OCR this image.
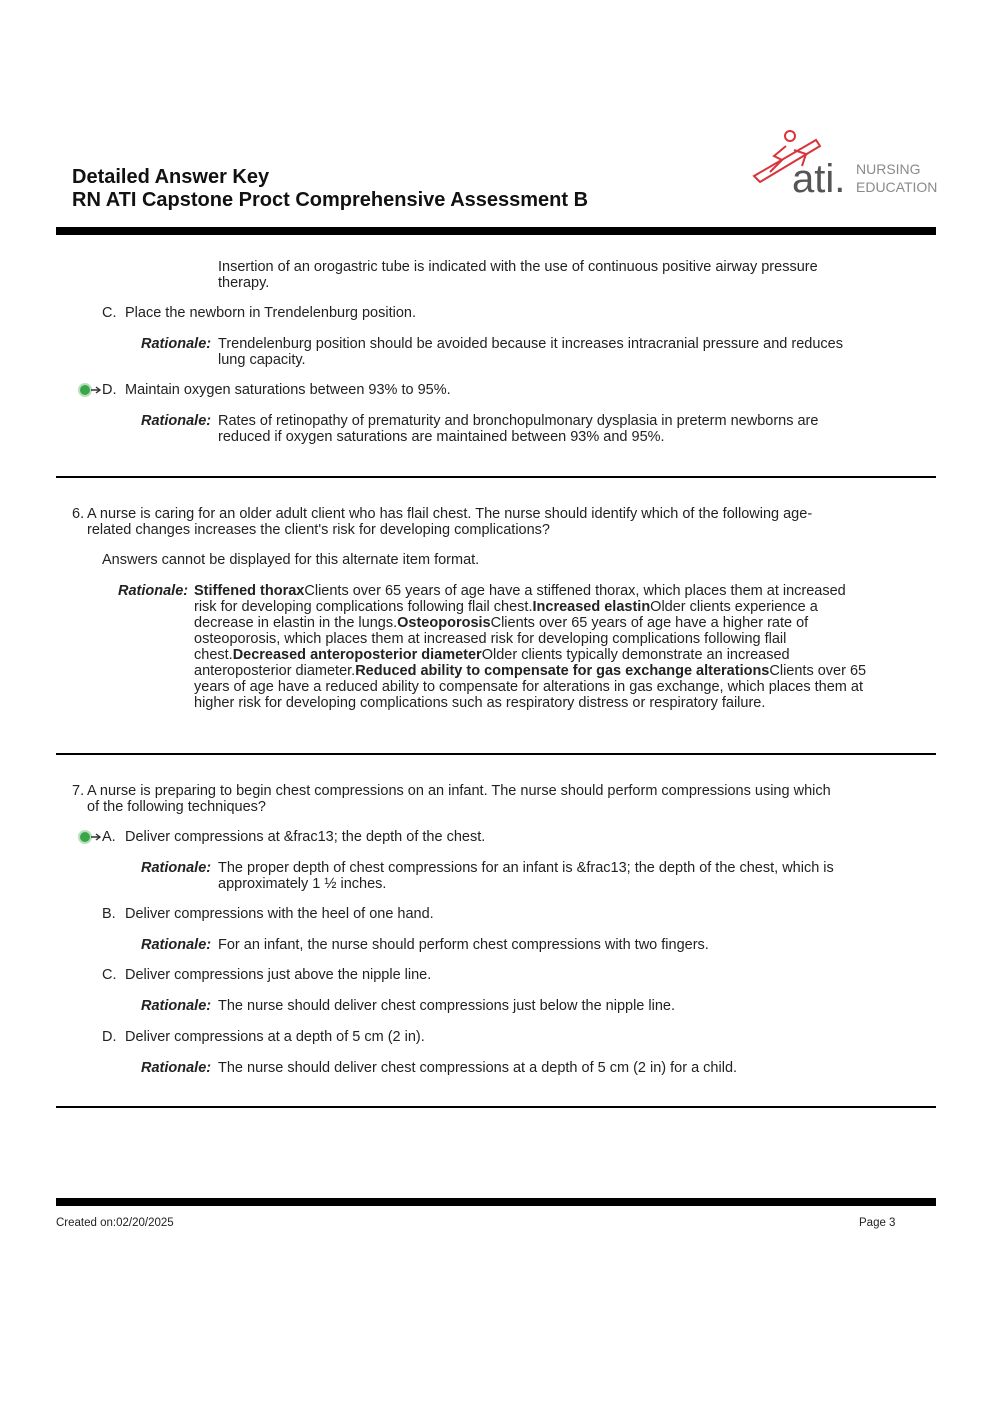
Detailed Answer Key
RN ATI Capstone Proct Comprehensive Assessment B	ati. NURSING
EDUCATION
Insertion of an orogastric tube is indicated with the use of continuous positive airway pressure therapy.
C. Place the newborn in Trendelenburg position.
Rationale: Trendelenburg position should be avoided because it increases intracranial pressure and reduces lung capacity.
D. Maintain oxygen saturations between 93% to 95%.
Rationale: Rates of retinopathy of prematurity and bronchopulmonary dysplasia in preterm newborns are reduced if oxygen saturations are maintained between 93% and 95%.
6. A nurse is caring for an older adult client who has flail chest. The nurse should identify which of the following age-related changes increases the client's risk for developing complications?
Answers cannot be displayed for this alternate item format.
Rationale: Stiffened thoraxClients over 65 years of age have a stiffened thorax, which places them at increased risk for developing complications following flail chest.Increased elastinOlder clients experience a decrease in elastin in the lungs.OsteoporosisClients over 65 years of age have a higher rate of osteoporosis, which places them at increased risk for developing complications following flail chest.Decreased anteroposterior diameterOlder clients typically demonstrate an increased anteroposterior diameter.Reduced ability to compensate for gas exchange alterationsClients over 65 years of age have a reduced ability to compensate for alterations in gas exchange, which places them at higher risk for developing complications such as respiratory distress or respiratory failure.
7. A nurse is preparing to begin chest compressions on an infant. The nurse should perform compressions using which of the following techniques?
A. Deliver compressions at &frac13; the depth of the chest.
Rationale: The proper depth of chest compressions for an infant is &frac13; the depth of the chest, which is approximately 1 ½ inches.
B. Deliver compressions with the heel of one hand.
Rationale: For an infant, the nurse should perform chest compressions with two fingers.
C. Deliver compressions just above the nipple line.
Rationale: The nurse should deliver chest compressions just below the nipple line.
D. Deliver compressions at a depth of 5 cm (2 in).
Rationale: The nurse should deliver chest compressions at a depth of 5 cm (2 in) for a child.
Created on:02/20/2025	Page 3
